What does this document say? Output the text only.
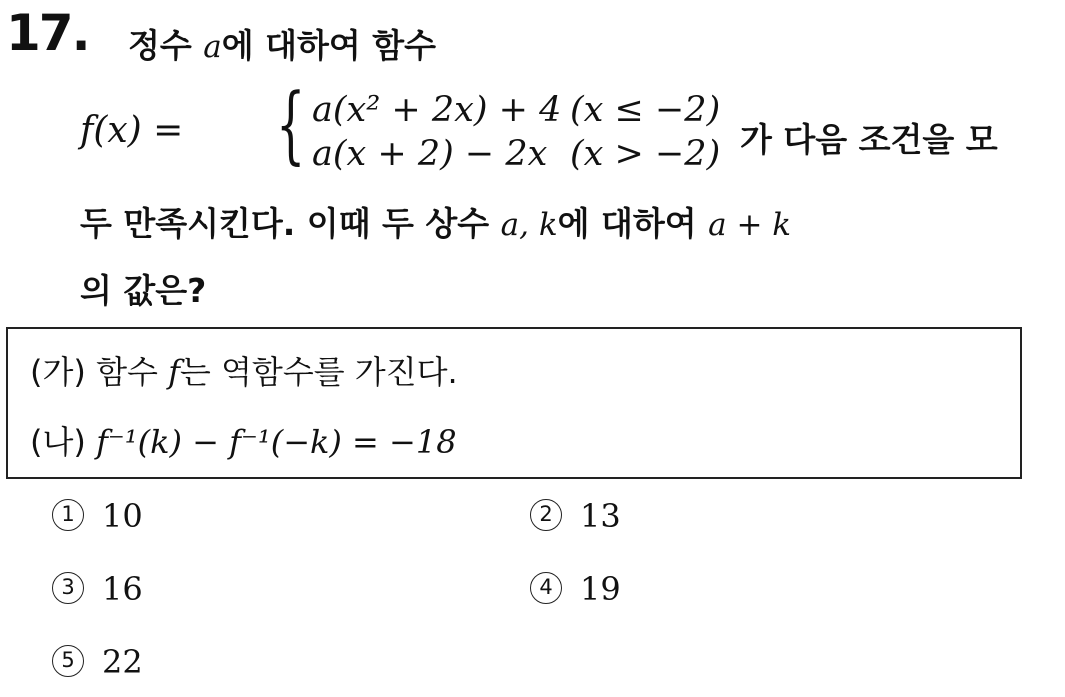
17. 정수 a에 대하여 함수
f(x) = { a(x² + 2x) + 4 (x ≤ −2)
a(x + 2) − 2x (x > −2) 가 다음 조건을 모
두 만족시킨다. 이때 두 상수 a, k에 대하여 a + k
의 값은?
(가) 함수 f는 역함수를 가진다.
(나) f⁻¹(k) − f⁻¹(−k) = −18
1 10	2 13
3 16	4 19
5 22
